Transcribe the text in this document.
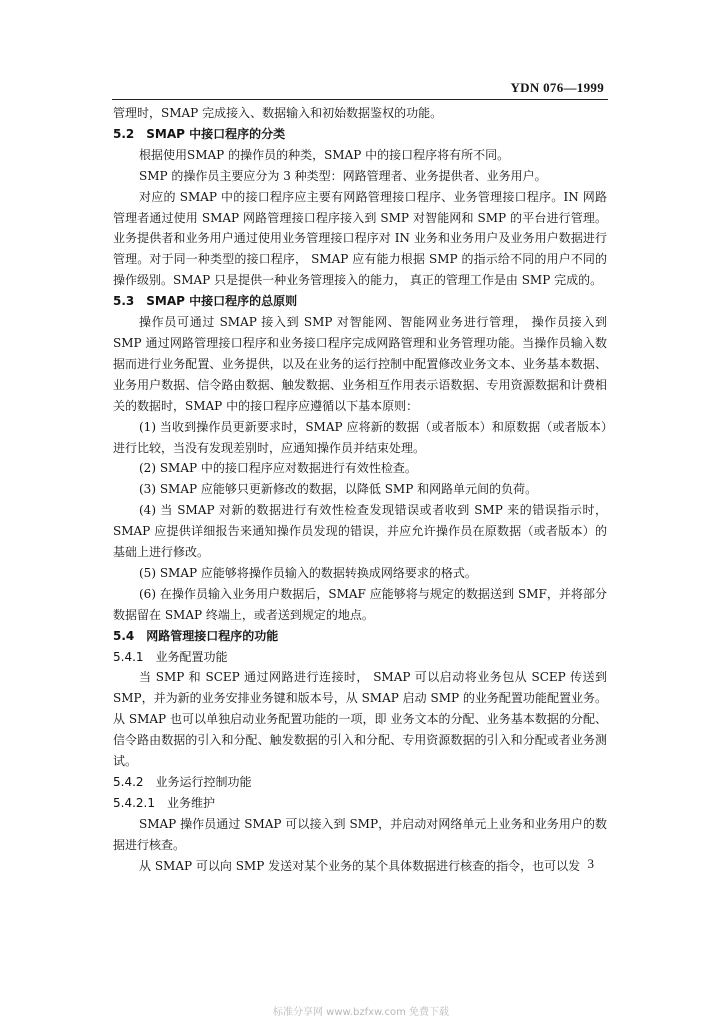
YDN 076—1999

管理时，SMAP 完成接入、数据输入和初始数据鉴权的功能。

5.2　SMAP 中接口程序的分类

根据使用SMAP 的操作员的种类，SMAP 中的接口程序将有所不同。

SMP 的操作员主要应分为 3 种类型：网路管理者、业务提供者、业务用户。

对应的 SMAP 中的接口程序应主要有网路管理接口程序、业务管理接口程序。IN 网路管理者通过使用 SMAP 网路管理接口程序接入到 SMP 对智能网和 SMP 的平台进行管理。业务提供者和业务用户通过使用业务管理接口程序对 IN 业务和业务用户及业务用户数据进行管理。对于同一种类型的接口程序， SMAP 应有能力根据 SMP 的指示给不同的用户不同的操作级别。SMAP 只是提供一种业务管理接入的能力， 真正的管理工作是由 SMP 完成的。

5.3　SMAP 中接口程序的总原则

操作员可通过 SMAP 接入到 SMP 对智能网、智能网业务进行管理， 操作员接入到 SMP 通过网路管理接口程序和业务接口程序完成网路管理和业务管理功能。当操作员输入数据而进行业务配置、业务提供，以及在业务的运行控制中配置修改业务文本、业务基本数据、业务用户数据、信令路由数据、触发数据、业务相互作用表示语数据、专用资源数据和计费相关的数据时，SMAP 中的接口程序应遵循以下基本原则：

(1) 当收到操作员更新要求时，SMAP 应将新的数据（或者版本）和原数据（或者版本）进行比较，当没有发现差别时，应通知操作员并结束处理。

(2) SMAP 中的接口程序应对数据进行有效性检查。

(3) SMAP 应能够只更新修改的数据，以降低 SMP 和网路单元间的负荷。

(4) 当 SMAP 对新的数据进行有效性检查发现错误或者收到 SMP 来的错误指示时，SMAP 应提供详细报告来通知操作员发现的错误，并应允许操作员在原数据（或者版本）的基础上进行修改。

(5) SMAP 应能够将操作员输入的数据转换成网络要求的格式。

(6) 在操作员输入业务用户数据后，SMAF 应能够将与规定的数据送到 SMF，并将部分数据留在 SMAP 终端上，或者送到规定的地点。

5.4　网路管理接口程序的功能
5.4.1　业务配置功能

当 SMP 和 SCEP 通过网路进行连接时， SMAP 可以启动将业务包从 SCEP 传送到 SMP，并为新的业务安排业务键和版本号，从 SMAP 启动 SMP 的业务配置功能配置业务。从 SMAP 也可以单独启动业务配置功能的一项，即 业务文本的分配、业务基本数据的分配、信令路由数据的引入和分配、触发数据的引入和分配、专用资源数据的引入和分配或者业务测试。

5.4.2　业务运行控制功能
5.4.2.1　业务维护

SMAP 操作员通过 SMAP 可以接入到 SMP，并启动对网络单元上业务和业务用户的数据进行核查。

从 SMAP 可以向 SMP 发送对某个业务的某个具体数据进行核查的指令，也可以发 3
标准分享网 www.bzfxw.com 免费下载
